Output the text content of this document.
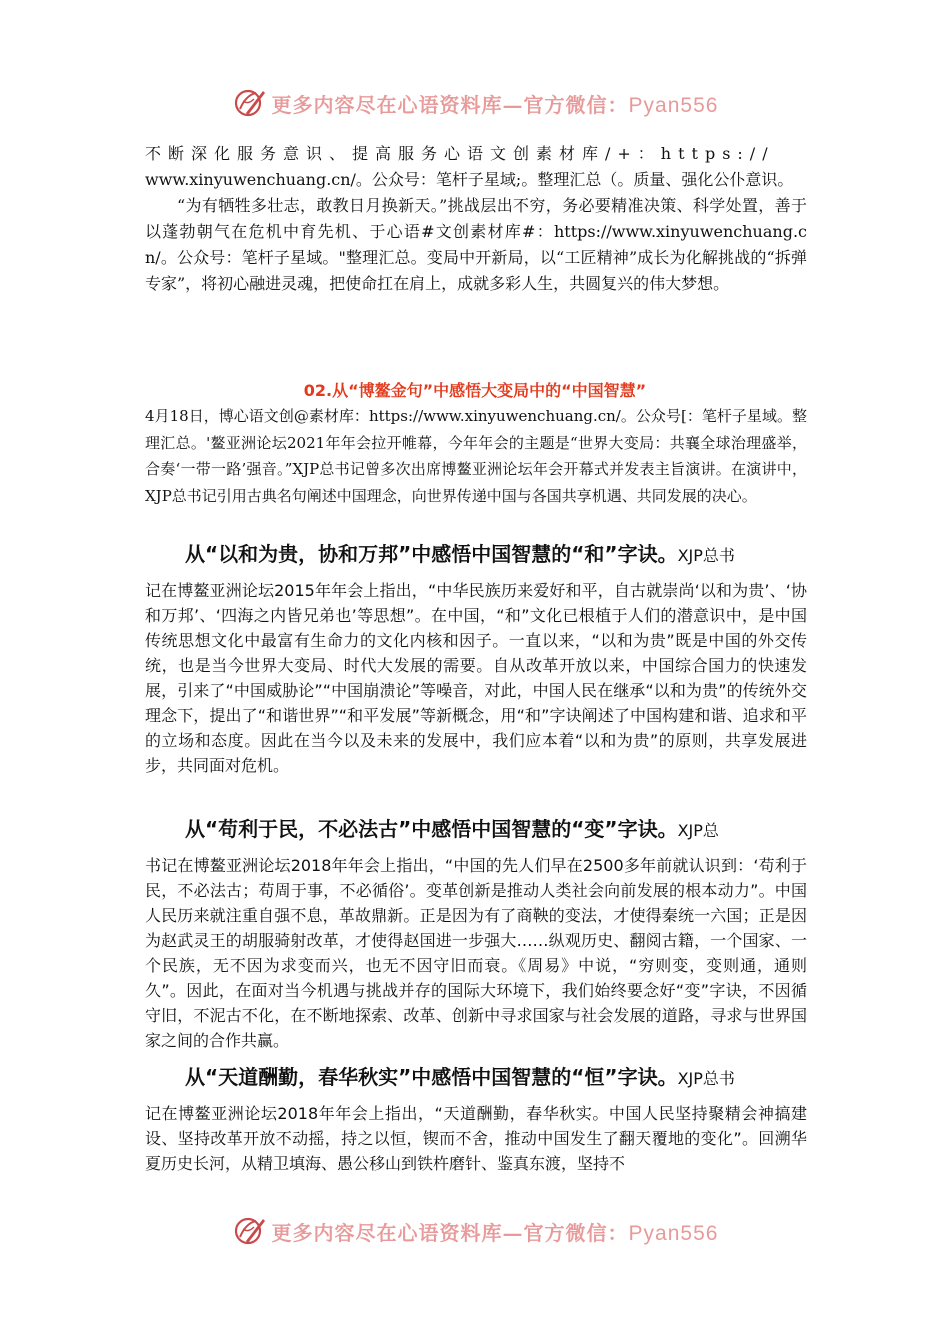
更多内容尽在心语资料库—官方微信：Pyan556

不断深化服务意识、提高服务心语文创素材库/+：https://

www.xinyuwenchuang.cn/。公众号：笔杆子星域;。整理汇总（。质量、强化公仆意识。

“为有牺牲多壮志，敢教日月换新天。”挑战层出不穷，务必要精准决策、科学处置，善于以蓬勃朝气在危机中育先机、于心语#文创素材库#：https://www.xinyuwenchuang.cn/。公众号：笔杆子星域。"整理汇总。变局中开新局，以“工匠精神”成长为化解挑战的“拆弹专家”，将初心融进灵魂，把使命扛在肩上，成就多彩人生，共圆复兴的伟大梦想。

02.从“博鳌金句”中感悟大变局中的“中国智慧”

4月18日，博心语文创@素材库：https://www.xinyuwenchuang.cn/。公众号[：笔杆子星域。整理汇总。'鳌亚洲论坛2021年年会拉开帷幕，今年年会的主题是“世界大变局：共襄全球治理盛举，合奏‘一带一路’强音。”XJP总书记曾多次出席博鳌亚洲论坛年会开幕式并发表主旨演讲。在演讲中，XJP总书记引用古典名句阐述中国理念，向世界传递中国与各国共享机遇、共同发展的决心。

从“以和为贵，协和万邦”中感悟中国智慧的“和”字诀。XJP总书

记在博鳌亚洲论坛2015年年会上指出，“中华民族历来爱好和平，自古就崇尚‘以和为贵’、‘协和万邦’、‘四海之内皆兄弟也’等思想”。在中国，“和”文化已根植于人们的潜意识中，是中国传统思想文化中最富有生命力的文化内核和因子。一直以来，“以和为贵”既是中国的外交传统，也是当今世界大变局、时代大发展的需要。自从改革开放以来，中国综合国力的快速发展，引来了“中国威胁论”“中国崩溃论”等噪音，对此，中国人民在继承“以和为贵”的传统外交理念下，提出了“和谐世界”“和平发展”等新概念，用“和”字诀阐述了中国构建和谐、追求和平的立场和态度。因此在当今以及未来的发展中，我们应本着“以和为贵”的原则，共享发展进步，共同面对危机。

从“苟利于民，不必法古”中感悟中国智慧的“变”字诀。XJP总

书记在博鳌亚洲论坛2018年年会上指出，“中国的先人们早在2500多年前就认识到：‘苟利于民，不必法古；苟周于事，不必循俗’。变革创新是推动人类社会向前发展的根本动力”。中国人民历来就注重自强不息，革故鼎新。正是因为有了商鞅的变法，才使得秦统一六国；正是因为赵武灵王的胡服骑射改革，才使得赵国进一步强大……纵观历史、翻阅古籍，一个国家、一个民族，无不因为求变而兴，也无不因守旧而衰。《周易》中说，“穷则变，变则通，通则久”。因此，在面对当今机遇与挑战并存的国际大环境下，我们始终要念好“变”字诀，不因循守旧，不泥古不化，在不断地探索、改革、创新中寻求国家与社会发展的道路，寻求与世界国家之间的合作共赢。

从“天道酬勤，春华秋实”中感悟中国智慧的“恒”字诀。XJP总书

记在博鳌亚洲论坛2018年年会上指出，“天道酬勤，春华秋实。中国人民坚持聚精会神搞建设、坚持改革开放不动摇，持之以恒，锲而不舍，推动中国发生了翻天覆地的变化”。回溯华夏历史长河，从精卫填海、愚公移山到铁杵磨针、鉴真东渡，坚持不

更多内容尽在心语资料库—官方微信：Pyan556
